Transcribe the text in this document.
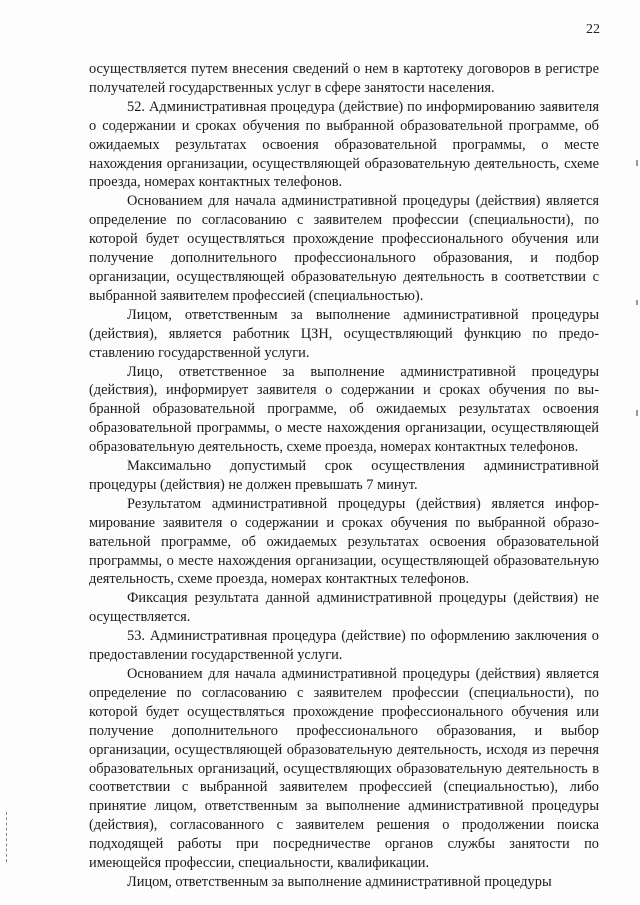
22

осуществляется путем внесения сведений о нем в картотеку договоров в регистре получателей государственных услуг в сфере занятости населения.

52. Административная процедура (действие) по информированию заявителя о содержании и сроках обучения по выбранной образовательной программе, об ожидаемых результатах освоения образовательной программы, о месте нахождения организации, осуществляющей образовательную деятельность, схеме проезда, номерах контактных телефонов.

Основанием для начала административной процедуры (действия) является определение по согласованию с заявителем профессии (специальности), по которой будет осуществляться прохождение профессионального обучения или получение дополнительного профессионального образования, и подбор организации, осуществляющей образовательную деятельность в соответствии с выбранной заявителем профессией (специальностью).

Лицом, ответственным за выполнение административной процедуры (действия), является работник ЦЗН, осуществляющий функцию по предоставлению государственной услуги.

Лицо, ответственное за выполнение административной процедуры (действия), информирует заявителя о содержании и сроках обучения по выбранной образовательной программе, об ожидаемых результатах освоения образовательной программы, о месте нахождения организации, осуществляющей образовательную деятельность, схеме проезда, номерах контактных телефонов.

Максимально допустимый срок осуществления административной процедуры (действия) не должен превышать 7 минут.

Результатом административной процедуры (действия) является информирование заявителя о содержании и сроках обучения по выбранной образовательной программе, об ожидаемых результатах освоения образовательной программы, о месте нахождения организации, осуществляющей образовательную деятельность, схеме проезда, номерах контактных телефонов.

Фиксация результата данной административной процедуры (действия) не осуществляется.

53. Административная процедура (действие) по оформлению заключения о предоставлении государственной услуги.

Основанием для начала административной процедуры (действия) является определение по согласованию с заявителем профессии (специальности), по которой будет осуществляться прохождение профессионального обучения или получение дополнительного профессионального образования, и выбор организации, осуществляющей образовательную деятельность, исходя из перечня образовательных организаций, осуществляющих образовательную деятельность в соответствии с выбранной заявителем профессией (специальностью), либо принятие лицом, ответственным за выполнение административной процедуры (действия), согласованного с заявителем решения о продолжении поиска подходящей работы при посредничестве органов службы занятости по имеющейся профессии, специальности, квалификации.

Лицом, ответственным за выполнение административной процедуры
